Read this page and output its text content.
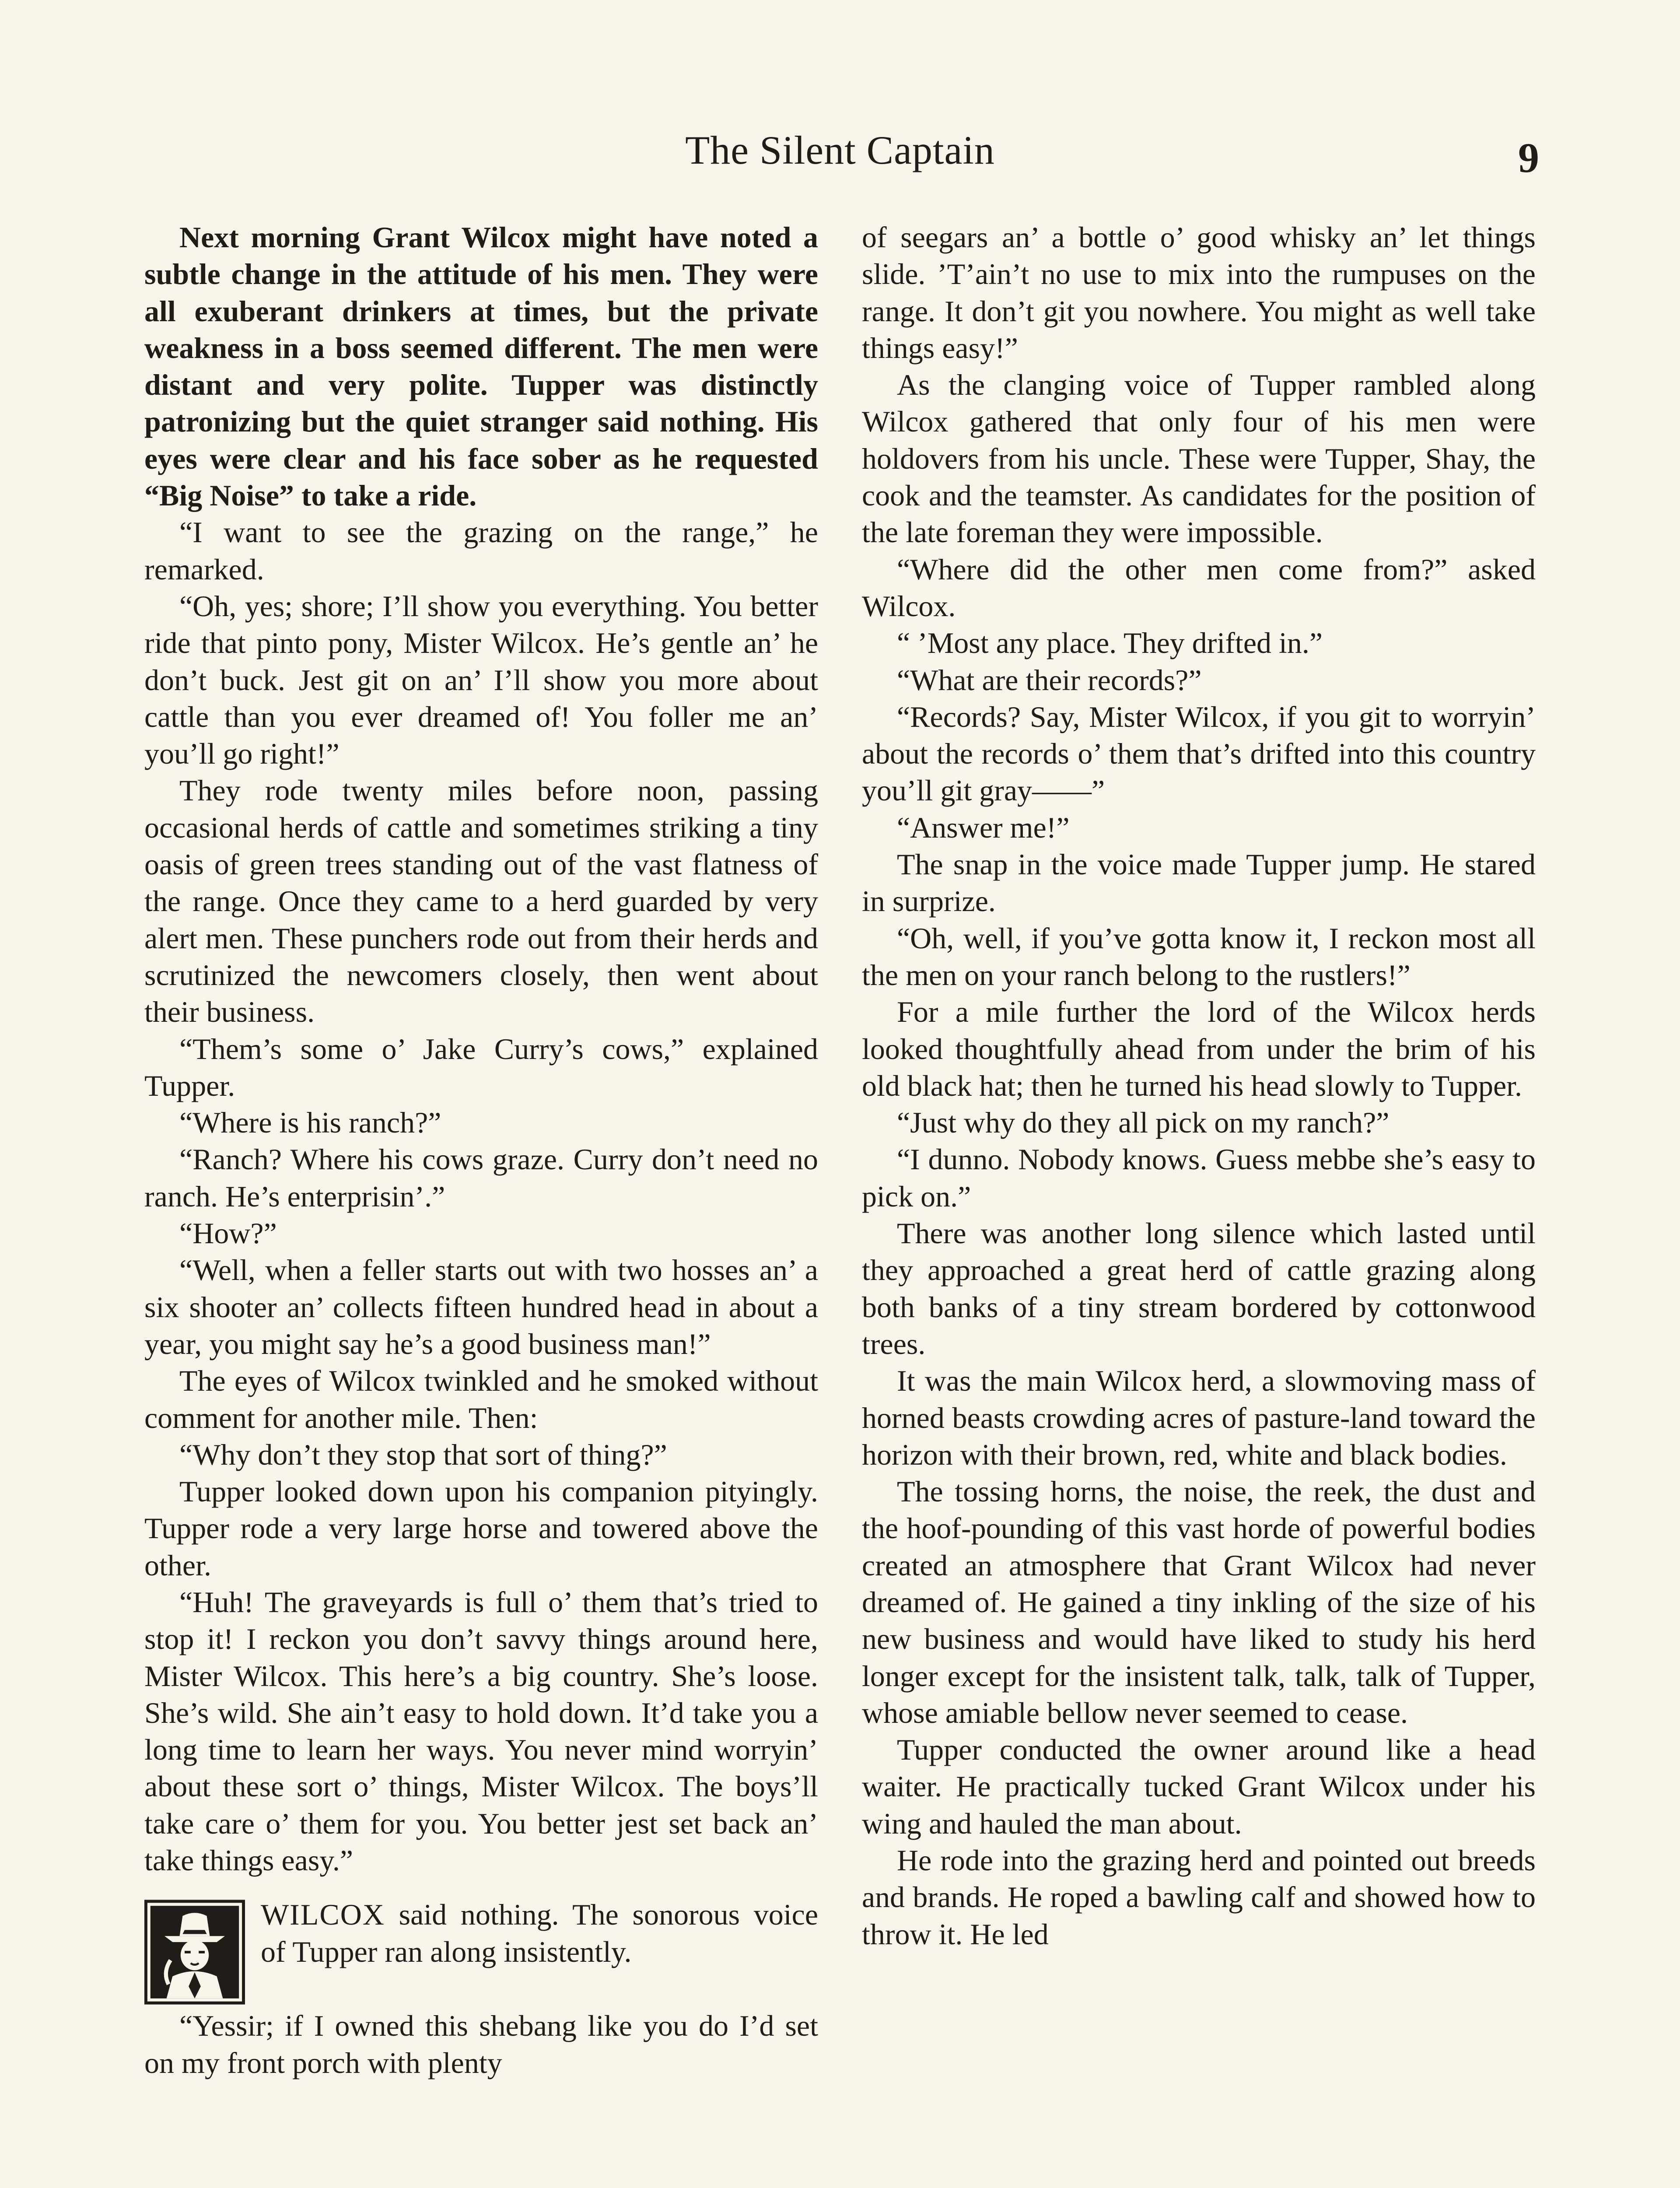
The Silent Captain	9

Next morning Grant Wilcox might have noted a subtle change in the attitude of his men. They were all exuberant drinkers at times, but the private weakness in a boss seemed different. The men were distant and very polite. Tupper was distinctly patronizing but the quiet stranger said nothing. His eyes were clear and his face sober as he requested “Big Noise” to take a ride.

“I want to see the grazing on the range,” he remarked.

“Oh, yes; shore; I’ll show you everything. You better ride that pinto pony, Mister Wilcox. He’s gentle an’ he don’t buck. Jest git on an’ I’ll show you more about cattle than you ever dreamed of! You foller me an’ you’ll go right!”

They rode twenty miles before noon, passing occasional herds of cattle and sometimes striking a tiny oasis of green trees standing out of the vast flatness of the range. Once they came to a herd guarded by very alert men. These punchers rode out from their herds and scrutinized the newcomers closely, then went about their business.

“Them’s some o’ Jake Curry’s cows,” explained Tupper.

“Where is his ranch?”

“Ranch? Where his cows graze. Curry don’t need no ranch. He’s enterprisin’.”

“How?”

“Well, when a feller starts out with two hosses an’ a six shooter an’ collects fifteen hundred head in about a year, you might say he’s a good business man!”

The eyes of Wilcox twinkled and he smoked without comment for another mile. Then:

“Why don’t they stop that sort of thing?”

Tupper looked down upon his companion pityingly. Tupper rode a very large horse and towered above the other.

“Huh! The graveyards is full o’ them that’s tried to stop it! I reckon you don’t savvy things around here, Mister Wilcox. This here’s a big country. She’s loose. She’s wild. She ain’t easy to hold down. It’d take you a long time to learn her ways. You never mind worryin’ about these sort o’ things, Mister Wilcox. The boys’ll take care o’ them for you. You better jest set back an’ take things easy.”

WILCOX said nothing. The sonorous voice of Tupper ran along insistently.

“Yessir; if I owned this shebang like you do I’d set on my front porch with plenty

of seegars an’ a bottle o’ good whisky an’ let things slide. ’T’ain’t no use to mix into the rumpuses on the range. It don’t git you nowhere. You might as well take things easy!”

As the clanging voice of Tupper rambled along Wilcox gathered that only four of his men were holdovers from his uncle. These were Tupper, Shay, the cook and the teamster. As candidates for the position of the late foreman they were impossible.

“Where did the other men come from?” asked Wilcox.

“ ’Most any place. They drifted in.”

“What are their records?”

“Records? Say, Mister Wilcox, if you git to worryin’ about the records o’ them that’s drifted into this country you’ll git gray——”

“Answer me!”

The snap in the voice made Tupper jump. He stared in surprize.

“Oh, well, if you’ve gotta know it, I reckon most all the men on your ranch belong to the rustlers!”

For a mile further the lord of the Wilcox herds looked thoughtfully ahead from under the brim of his old black hat; then he turned his head slowly to Tupper.

“Just why do they all pick on my ranch?”

“I dunno. Nobody knows. Guess mebbe she’s easy to pick on.”

There was another long silence which lasted until they approached a great herd of cattle grazing along both banks of a tiny stream bordered by cottonwood trees.

It was the main Wilcox herd, a slowmoving mass of horned beasts crowding acres of pasture-land toward the horizon with their brown, red, white and black bodies.

The tossing horns, the noise, the reek, the dust and the hoof-pounding of this vast horde of powerful bodies created an atmosphere that Grant Wilcox had never dreamed of. He gained a tiny inkling of the size of his new business and would have liked to study his herd longer except for the insistent talk, talk, talk of Tupper, whose amiable bellow never seemed to cease.

Tupper conducted the owner around like a head waiter. He practically tucked Grant Wilcox under his wing and hauled the man about.

He rode into the grazing herd and pointed out breeds and brands. He roped a bawling calf and showed how to throw it. He led
